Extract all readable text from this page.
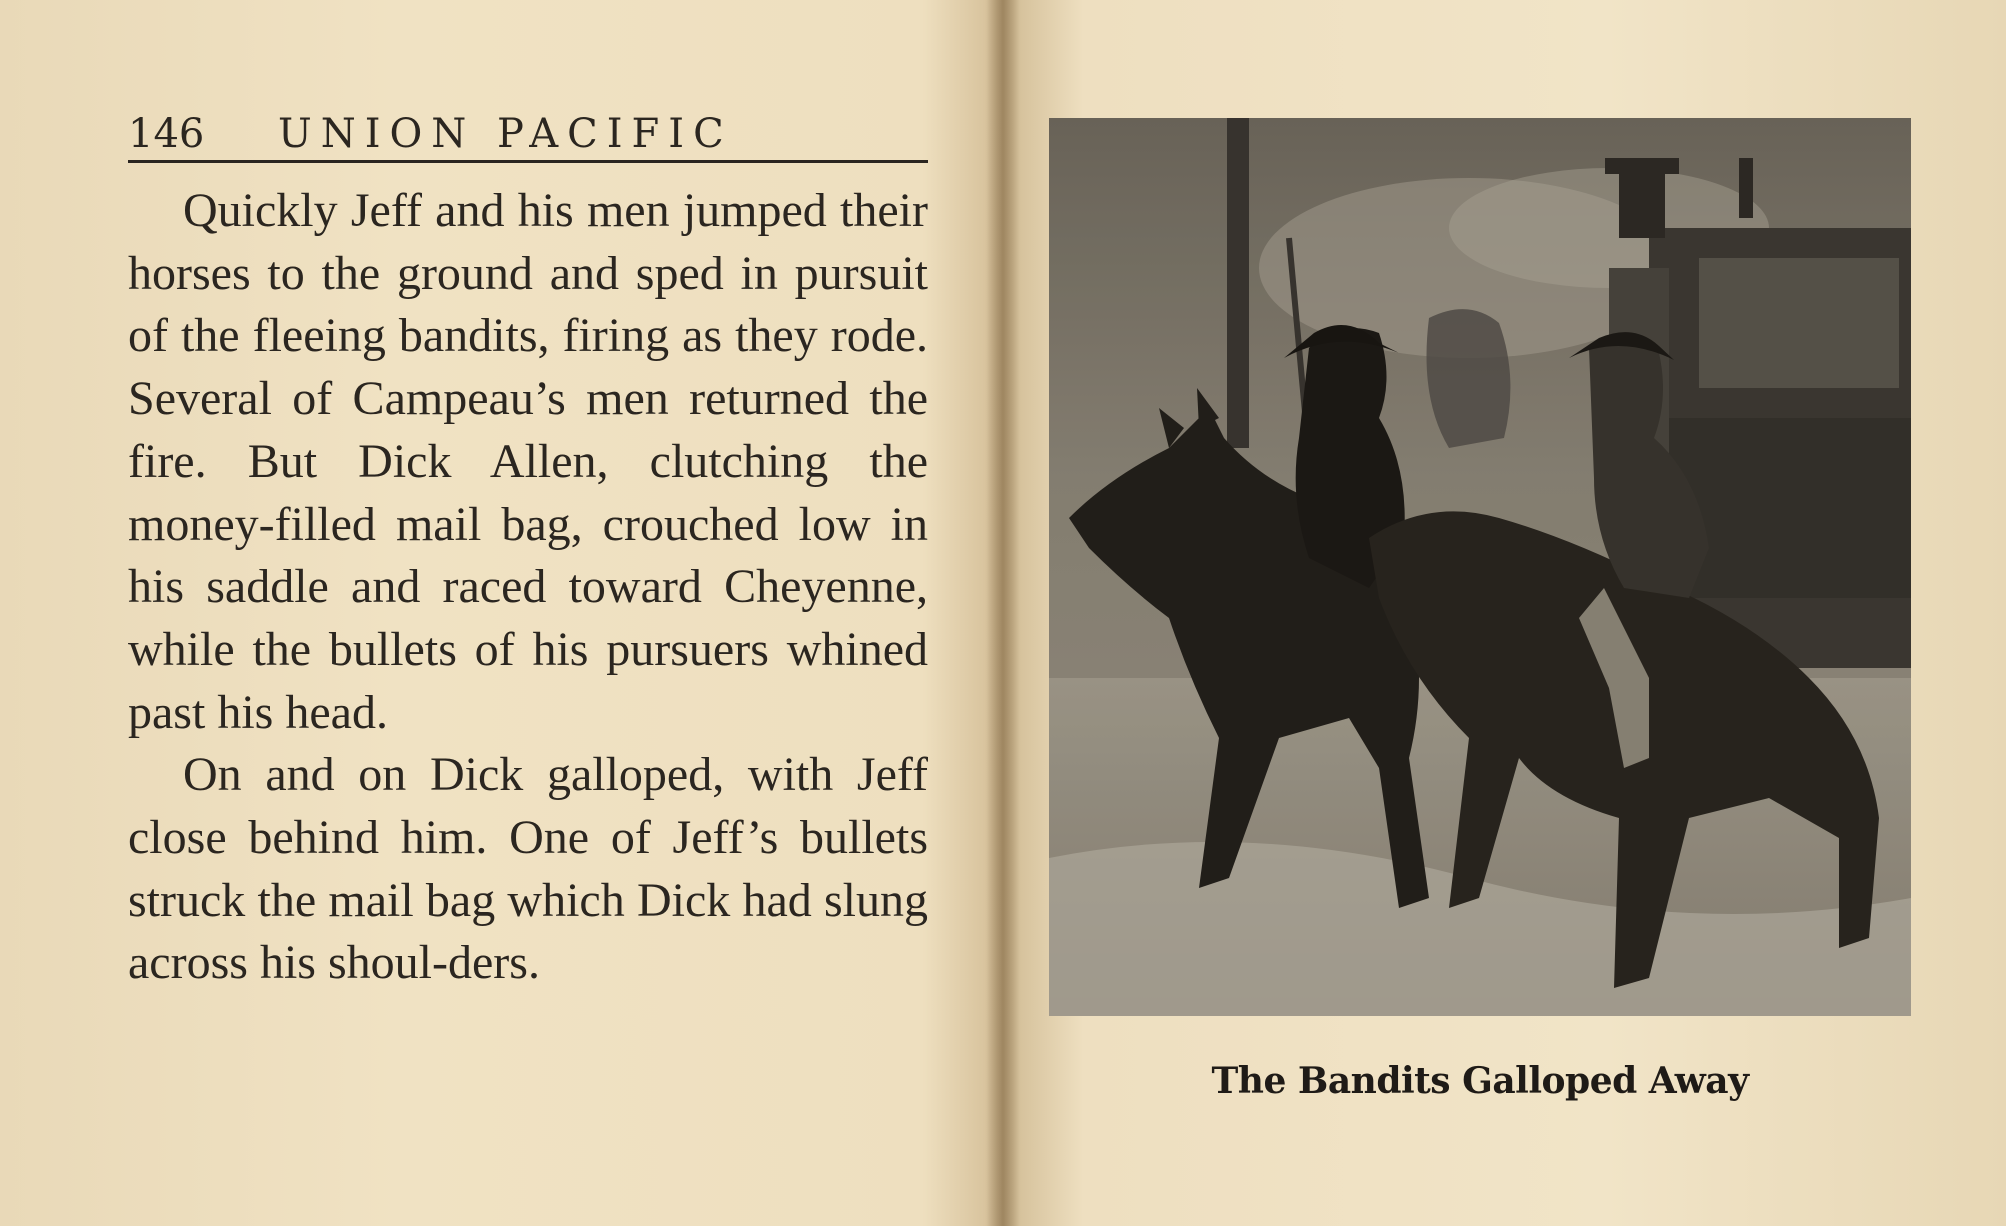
146 UNION PACIFIC

Quickly Jeff and his men jumped their horses to the ground and sped in pursuit of the fleeing bandits, firing as they rode. Several of Campeau’s men returned the fire. But Dick Allen, clutching the money-filled mail bag, crouched low in his saddle and raced toward Cheyenne, while the bullets of his pursuers whined past his head.

On and on Dick galloped, with Jeff close behind him. One of Jeff’s bullets struck the mail bag which Dick had slung across his shoul-ders.

The Bandits Galloped Away
